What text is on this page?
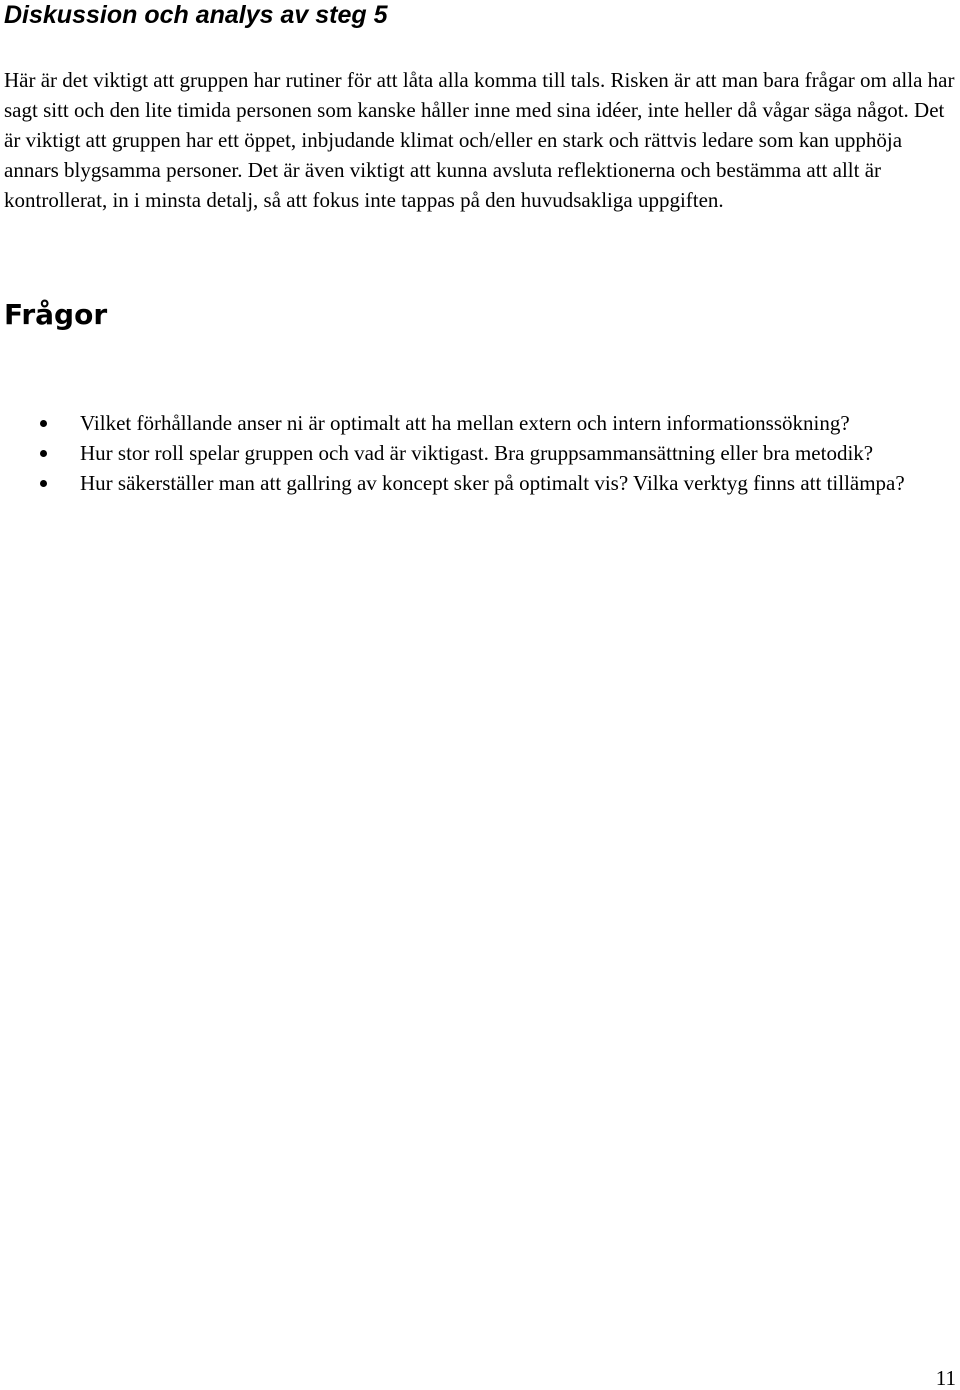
Diskussion och analys av steg 5

Här är det viktigt att gruppen har rutiner för att låta alla komma till tals. Risken är att man bara frågar om alla har sagt sitt och den lite timida personen som kanske håller inne med sina idéer, inte heller då vågar säga något. Det är viktigt att gruppen har ett öppet, inbjudande klimat och/eller en stark och rättvis ledare som kan upphöja annars blygsamma personer. Det är även viktigt att kunna avsluta reflektionerna och bestämma att allt är kontrollerat, in i minsta detalj, så att fokus inte tappas på den huvudsakliga uppgiften.

Frågor
Vilket förhållande anser ni är optimalt att ha mellan extern och intern informationssökning?
Hur stor roll spelar gruppen och vad är viktigast. Bra gruppsammansättning eller bra metodik?
Hur säkerställer man att gallring av koncept sker på optimalt vis? Vilka verktyg finns att tillämpa?
11
